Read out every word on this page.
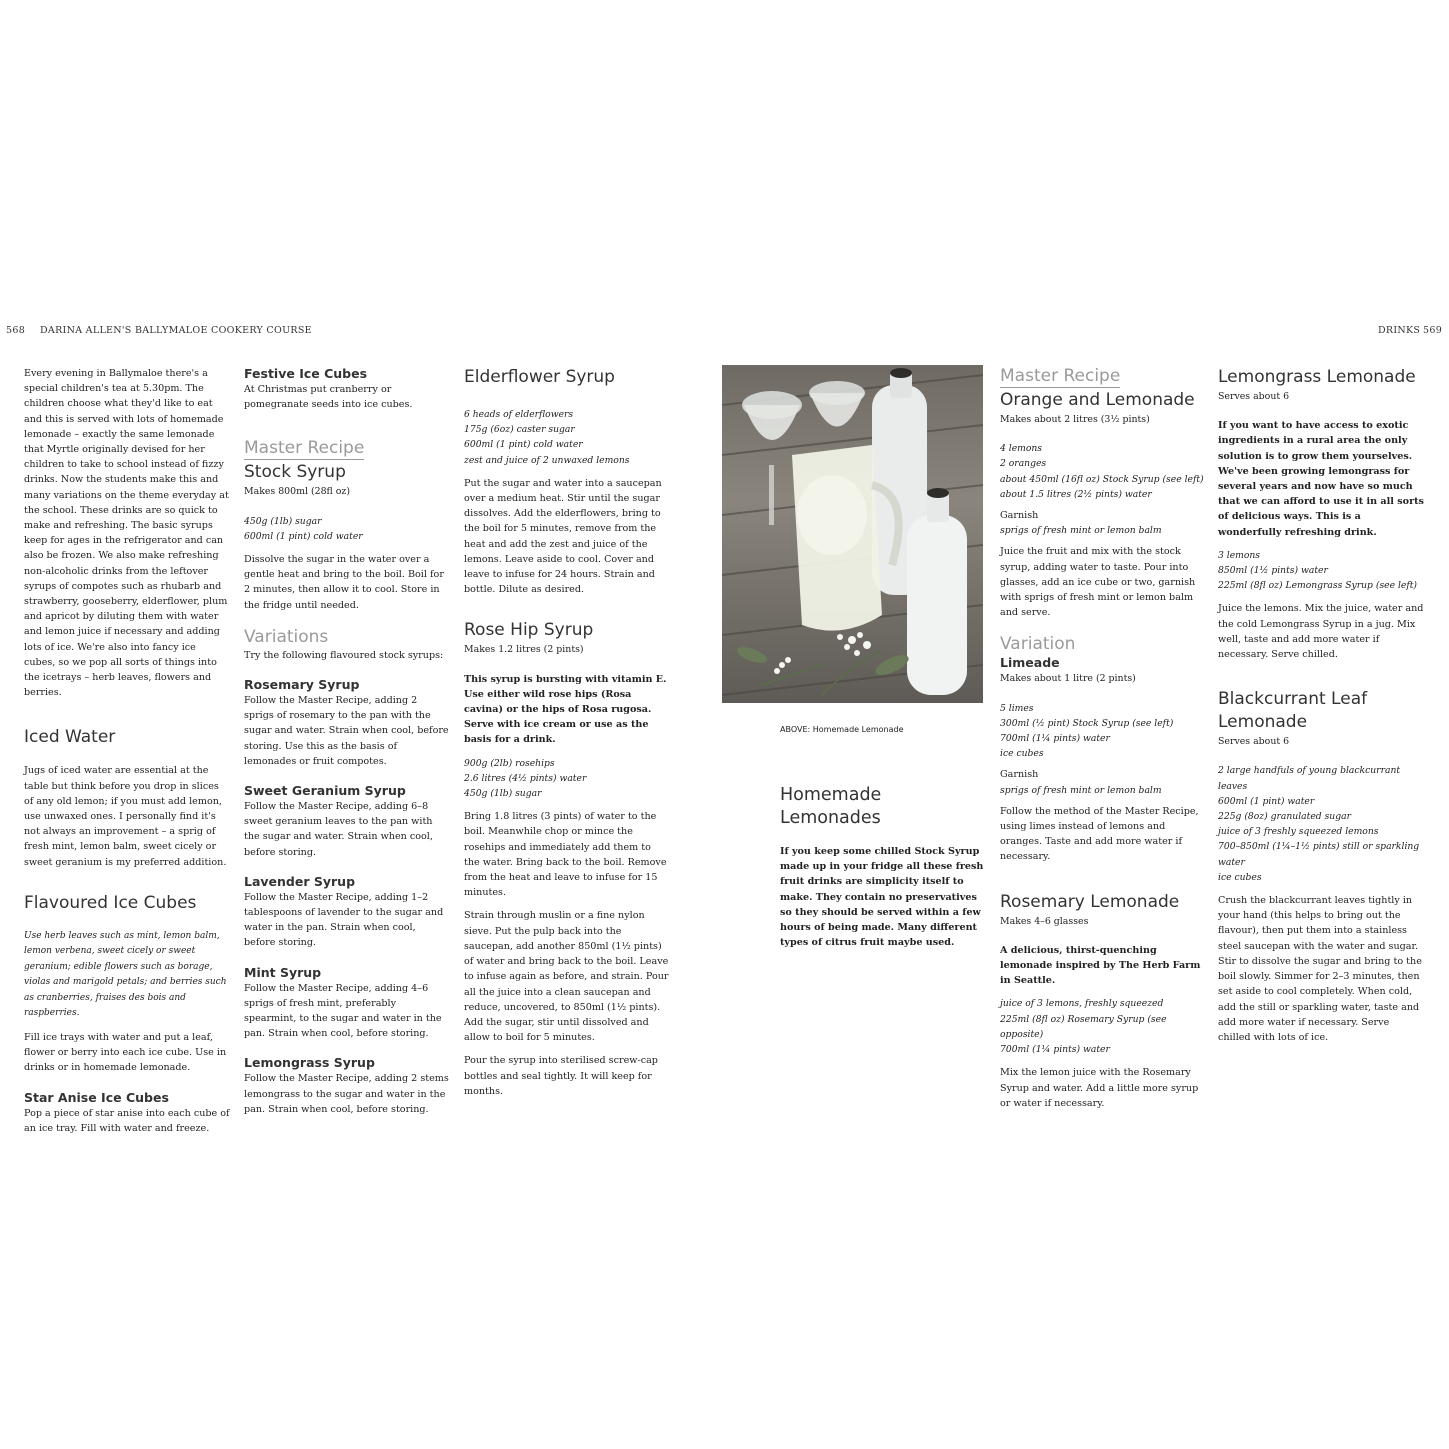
568 DARINA ALLEN'S BALLYMALOE COOKERY COURSE	DRINKS 569

Every evening in Ballymaloe there's a special children's tea at 5.30pm. The children choose what they'd like to eat and this is served with lots of homemade lemonade – exactly the same lemonade that Myrtle originally devised for her children to take to school instead of fizzy drinks. Now the students make this and many variations on the theme everyday at the school. These drinks are so quick to make and refreshing. The basic syrups keep for ages in the refrigerator and can also be frozen. We also make refreshing non-alcoholic drinks from the leftover syrups of compotes such as rhubarb and strawberry, gooseberry, elderflower, plum and apricot by diluting them with water and lemon juice if necessary and adding lots of ice. We're also into fancy ice cubes, so we pop all sorts of things into the icetrays – herb leaves, flowers and berries.

Iced Water

Jugs of iced water are essential at the table but think before you drop in slices of any old lemon; if you must add lemon, use unwaxed ones. I personally find it's not always an improvement – a sprig of fresh mint, lemon balm, sweet cicely or sweet geranium is my preferred addition.

Flavoured Ice Cubes

Use herb leaves such as mint, lemon balm, lemon verbena, sweet cicely or sweet geranium; edible flowers such as borage, violas and marigold petals; and berries such as cranberries, fraises des bois and raspberries.

Fill ice trays with water and put a leaf, flower or berry into each ice cube. Use in drinks or in homemade lemonade.

Star Anise Ice Cubes

Pop a piece of star anise into each cube of an ice tray. Fill with water and freeze.

Festive Ice Cubes

At Christmas put cranberry or pomegranate seeds into ice cubes.

Master Recipe
Stock Syrup
Makes 800ml (28fl oz)
450g (1lb) sugar
600ml (1 pint) cold water

Dissolve the sugar in the water over a gentle heat and bring to the boil. Boil for 2 minutes, then allow it to cool. Store in the fridge until needed.

Variations

Try the following flavoured stock syrups:

Rosemary Syrup

Follow the Master Recipe, adding 2 sprigs of rosemary to the pan with the sugar and water. Strain when cool, before storing. Use this as the basis of lemonades or fruit compotes.

Sweet Geranium Syrup

Follow the Master Recipe, adding 6–8 sweet geranium leaves to the pan with the sugar and water. Strain when cool, before storing.

Lavender Syrup

Follow the Master Recipe, adding 1–2 tablespoons of lavender to the sugar and water in the pan. Strain when cool, before storing.

Mint Syrup

Follow the Master Recipe, adding 4–6 sprigs of fresh mint, preferably spearmint, to the sugar and water in the pan. Strain when cool, before storing.

Lemongrass Syrup

Follow the Master Recipe, adding 2 stems lemongrass to the sugar and water in the pan. Strain when cool, before storing.

Elderflower Syrup
6 heads of elderflowers
175g (6oz) caster sugar
600ml (1 pint) cold water
zest and juice of 2 unwaxed lemons

Put the sugar and water into a saucepan over a medium heat. Stir until the sugar dissolves. Add the elderflowers, bring to the boil for 5 minutes, remove from the heat and add the zest and juice of the lemons. Leave aside to cool. Cover and leave to infuse for 24 hours. Strain and bottle. Dilute as desired.

Rose Hip Syrup
Makes 1.2 litres (2 pints)

This syrup is bursting with vitamin E. Use either wild rose hips (Rosa cavina) or the hips of Rosa rugosa. Serve with ice cream or use as the basis for a drink.

900g (2lb) rosehips
2.6 litres (4½ pints) water
450g (1lb) sugar

Bring 1.8 litres (3 pints) of water to the boil. Meanwhile chop or mince the rosehips and immediately add them to the water. Bring back to the boil. Remove from the heat and leave to infuse for 15 minutes.

Strain through muslin or a fine nylon sieve. Put the pulp back into the saucepan, add another 850ml (1½ pints) of water and bring back to the boil. Leave to infuse again as before, and strain. Pour all the juice into a clean saucepan and reduce, uncovered, to 850ml (1½ pints). Add the sugar, stir until dissolved and allow to boil for 5 minutes.

Pour the syrup into sterilised screw-cap bottles and seal tightly. It will keep for months.

ABOVE: Homemade Lemonade
Homemade Lemonades

If you keep some chilled Stock Syrup made up in your fridge all these fresh fruit drinks are simplicity itself to make. They contain no preservatives so they should be served within a few hours of being made. Many different types of citrus fruit maybe used.

Master Recipe
Orange and Lemonade
Makes about 2 litres (3½ pints)
4 lemons
2 oranges
about 450ml (16fl oz) Stock Syrup (see left)
about 1.5 litres (2½ pints) water
Garnish
sprigs of fresh mint or lemon balm

Juice the fruit and mix with the stock syrup, adding water to taste. Pour into glasses, add an ice cube or two, garnish with sprigs of fresh mint or lemon balm and serve.

Variation
Limeade
Makes about 1 litre (2 pints)
5 limes
300ml (½ pint) Stock Syrup (see left)
700ml (1¼ pints) water
ice cubes
Garnish
sprigs of fresh mint or lemon balm

Follow the method of the Master Recipe, using limes instead of lemons and oranges. Taste and add more water if necessary.

Rosemary Lemonade
Makes 4–6 glasses

A delicious, thirst-quenching lemonade inspired by The Herb Farm in Seattle.

juice of 3 lemons, freshly squeezed
225ml (8fl oz) Rosemary Syrup (see opposite)
700ml (1¼ pints) water

Mix the lemon juice with the Rosemary Syrup and water. Add a little more syrup or water if necessary.

Lemongrass Lemonade
Serves about 6

If you want to have access to exotic ingredients in a rural area the only solution is to grow them yourselves. We've been growing lemongrass for several years and now have so much that we can afford to use it in all sorts of delicious ways. This is a wonderfully refreshing drink.

3 lemons
850ml (1½ pints) water
225ml (8fl oz) Lemongrass Syrup (see left)

Juice the lemons. Mix the juice, water and the cold Lemongrass Syrup in a jug. Mix well, taste and add more water if necessary. Serve chilled.

Blackcurrant Leaf Lemonade
Serves about 6
2 large handfuls of young blackcurrant leaves
600ml (1 pint) water
225g (8oz) granulated sugar
juice of 3 freshly squeezed lemons
700–850ml (1¼–1½ pints) still or sparkling water
ice cubes

Crush the blackcurrant leaves tightly in your hand (this helps to bring out the flavour), then put them into a stainless steel saucepan with the water and sugar. Stir to dissolve the sugar and bring to the boil slowly. Simmer for 2–3 minutes, then set aside to cool completely. When cold, add the still or sparkling water, taste and add more water if necessary. Serve chilled with lots of ice.
